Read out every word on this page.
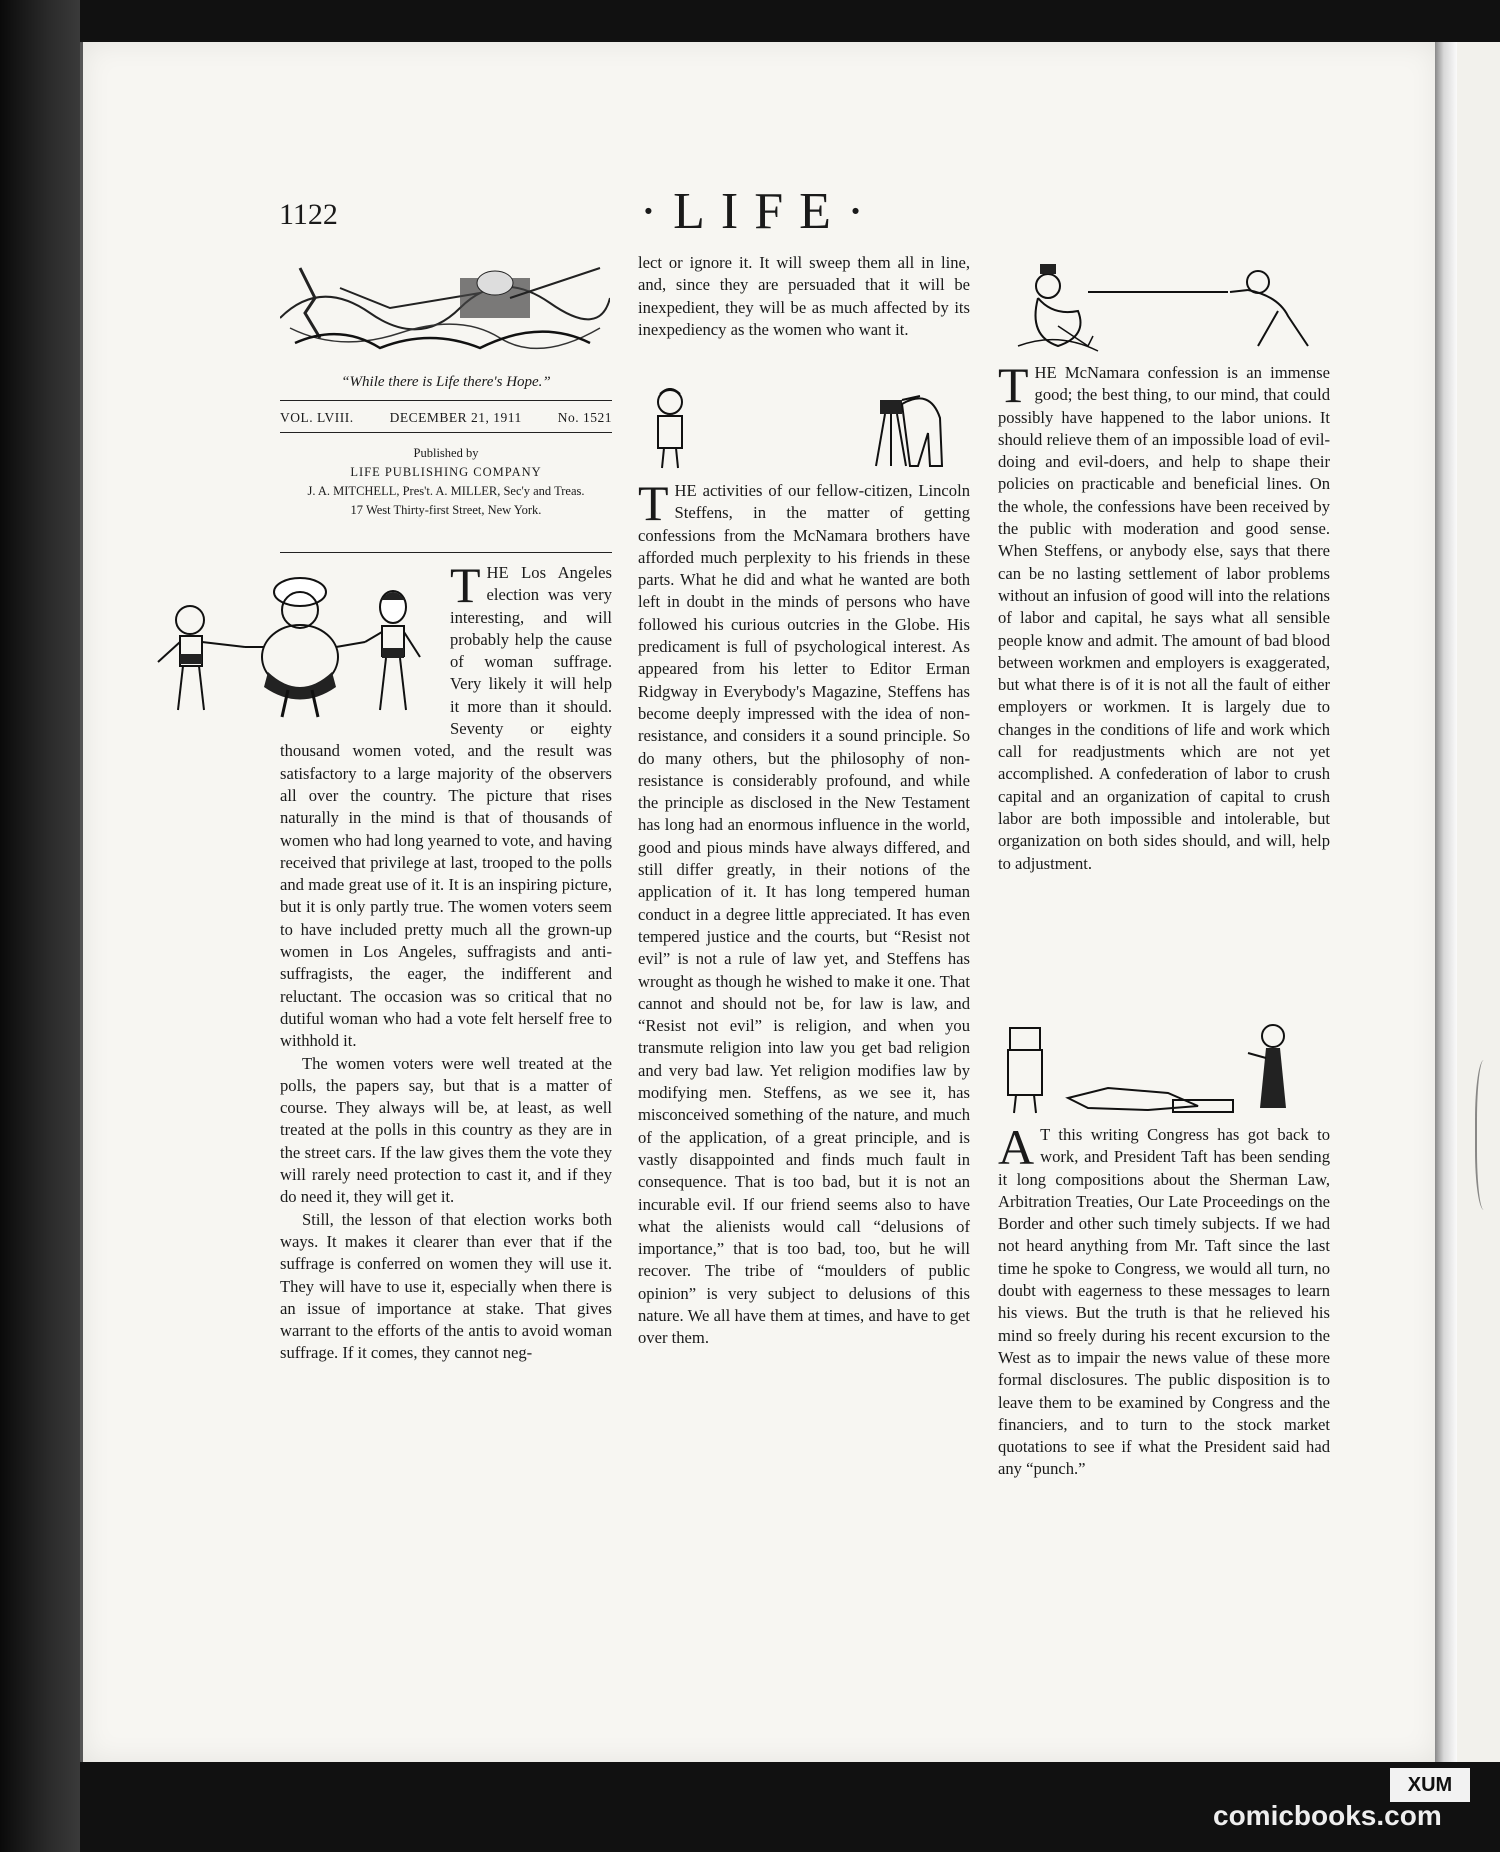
1122	·LIFE·
“While there is Life there's Hope.”
VOL. LVIII.	DECEMBER 21, 1911	No. 1521
Published by
LIFE PUBLISHING COMPANY
J. A. MITCHELL, Pres't. A. MILLER, Sec'y and Treas.
17 West Thirty-first Street, New York.

THE Los Angeles election was very interesting, and will probably help the cause of woman suffrage. Very likely it will help it more than it should. Seventy or eighty thousand women voted, and the result was satisfactory to a large majority of the observers all over the country. The picture that rises naturally in the mind is that of thousands of women who had long yearned to vote, and having received that privilege at last, trooped to the polls and made great use of it. It is an inspiring picture, but it is only partly true. The women voters seem to have included pretty much all the grown-up women in Los Angeles, suffragists and anti-suffragists, the eager, the indifferent and reluctant. The occasion was so critical that no dutiful woman who had a vote felt herself free to withhold it.

The women voters were well treated at the polls, the papers say, but that is a matter of course. They always will be, at least, as well treated at the polls in this country as they are in the street cars. If the law gives them the vote they will rarely need protection to cast it, and if they do need it, they will get it.

Still, the lesson of that election works both ways. It makes it clearer than ever that if the suffrage is conferred on women they will use it. They will have to use it, especially when there is an issue of importance at stake. That gives warrant to the efforts of the antis to avoid woman suffrage. If it comes, they cannot neg-

lect or ignore it. It will sweep them all in line, and, since they are persuaded that it will be inexpedient, they will be as much affected by its inexpediency as the women who want it.

THE activities of our fellow-citizen, Lincoln Steffens, in the matter of getting confessions from the McNamara brothers have afforded much perplexity to his friends in these parts. What he did and what he wanted are both left in doubt in the minds of persons who have followed his curious outcries in the Globe. His predicament is full of psychological interest. As appeared from his letter to Editor Erman Ridgway in Everybody's Magazine, Steffens has become deeply impressed with the idea of non-resistance, and considers it a sound principle. So do many others, but the philosophy of non-resistance is considerably profound, and while the principle as disclosed in the New Testament has long had an enormous influence in the world, good and pious minds have always differed, and still differ greatly, in their notions of the application of it. It has long tempered human conduct in a degree little appreciated. It has even tempered justice and the courts, but “Resist not evil” is not a rule of law yet, and Steffens has wrought as though he wished to make it one. That cannot and should not be, for law is law, and “Resist not evil” is religion, and when you transmute religion into law you get bad religion and very bad law. Yet religion modifies law by modifying men. Steffens, as we see it, has misconceived something of the nature, and much of the application, of a great principle, and is vastly disappointed and finds much fault in consequence. That is too bad, but it is not an incurable evil. If our friend seems also to have what the alienists would call “delusions of importance,” that is too bad, too, but he will recover. The tribe of “moulders of public opinion” is very subject to delusions of this nature. We all have them at times, and have to get over them.

THE McNamara confession is an immense good; the best thing, to our mind, that could possibly have happened to the labor unions. It should relieve them of an impossible load of evil-doing and evil-doers, and help to shape their policies on practicable and beneficial lines. On the whole, the confessions have been received by the public with moderation and good sense. When Steffens, or anybody else, says that there can be no lasting settlement of labor problems without an infusion of good will into the relations of labor and capital, he says what all sensible people know and admit. The amount of bad blood between workmen and employers is exaggerated, but what there is of it is not all the fault of either employers or workmen. It is largely due to changes in the conditions of life and work which call for readjustments which are not yet accomplished. A confederation of labor to crush capital and an organization of capital to crush labor are both impossible and intolerable, but organization on both sides should, and will, help to adjustment.

A T this writing Congress has got back to work, and President Taft has been sending it long compositions about the Sherman Law, Arbitration Treaties, Our Late Proceedings on the Border and other such timely subjects. If we had not heard anything from Mr. Taft since the last time he spoke to Congress, we would all turn, no doubt with eagerness to these messages to learn his views. But the truth is that he relieved his mind so freely during his recent excursion to the West as to impair the news value of these more formal disclosures. The public disposition is to leave them to be examined by Congress and the financiers, and to turn to the stock market quotations to see if what the President said had any “punch.”

XUM
comicbooks.com
